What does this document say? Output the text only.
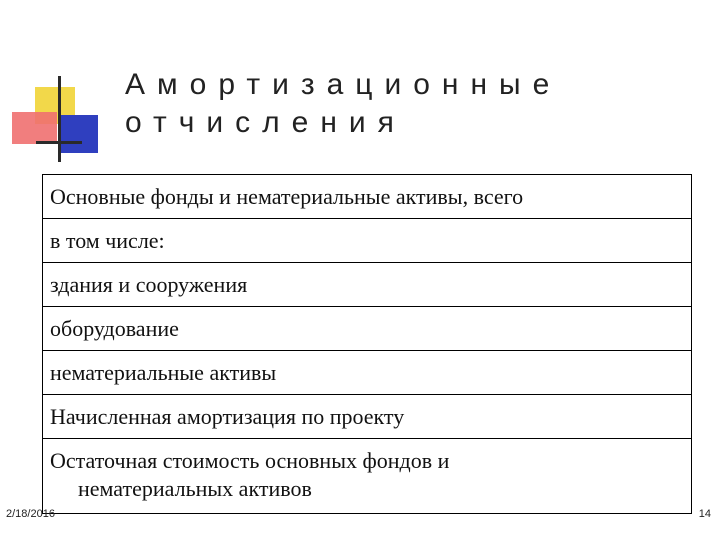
Амортизационные
отчисления
Основные фонды и нематериальные активы, всего
в том числе:
здания и сооружения
оборудование
нематериальные активы
Начисленная амортизация по проекту
Остаточная стоимость основных фондов и
нематериальных активов
2/18/2016	14
